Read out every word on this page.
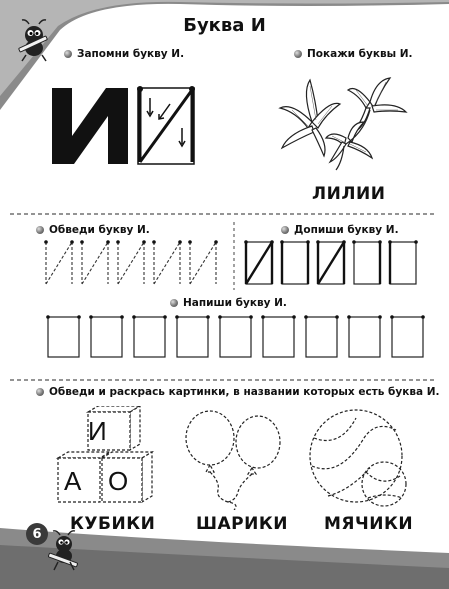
Буква И
Запомни букву И.	Покажи буквы И.
ЛИЛИИ
Обведи букву И.	Допиши букву И.
Напиши букву И.
Обведи и раскрась картинки, в названии которых есть буква И.
И
А О
КУБИКИ ШАРИКИ МЯЧИКИ
6
